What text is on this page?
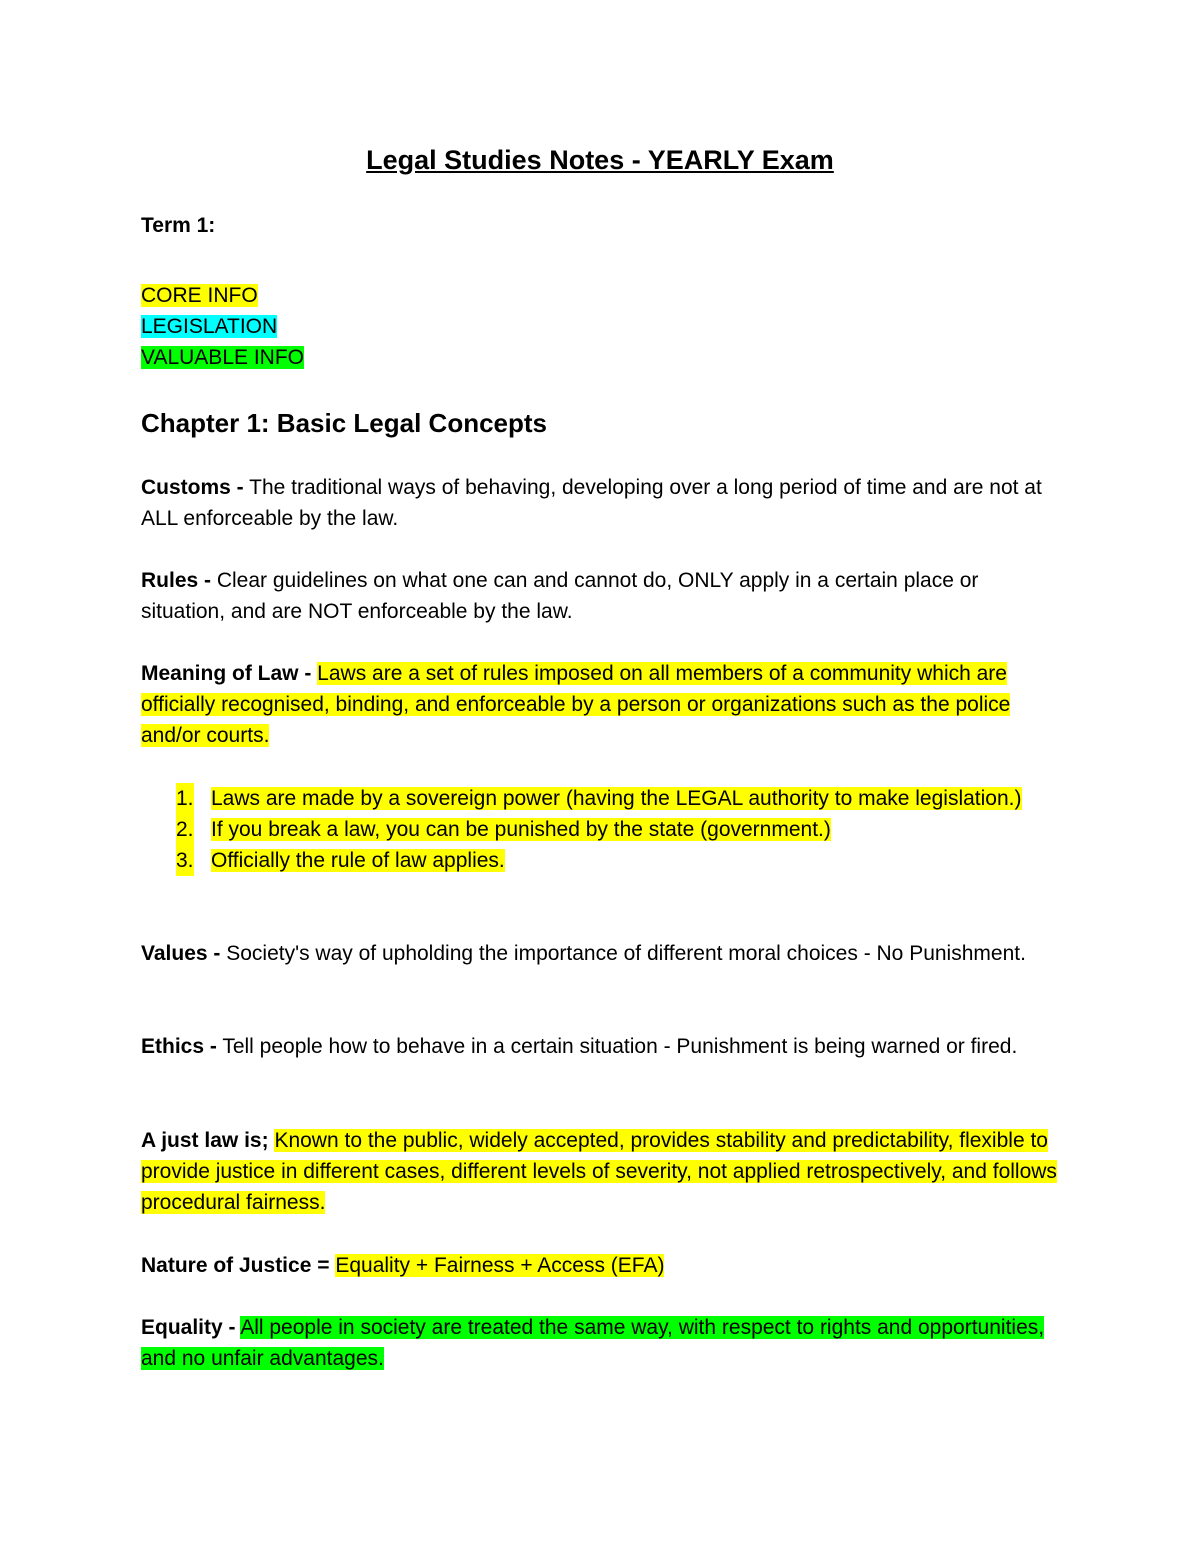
Legal Studies Notes - YEARLY Exam
Term 1:
CORE INFO
LEGISLATION
VALUABLE INFO
Chapter 1: Basic Legal Concepts
Customs - The traditional ways of behaving, developing over a long period of time and are not at ALL enforceable by the law.
Rules - Clear guidelines on what one can and cannot do, ONLY apply in a certain place or situation, and are NOT enforceable by the law.
Meaning of Law - Laws are a set of rules imposed on all members of a community which are officially recognised, binding, and enforceable by a person or organizations such as the police and/or courts.
1. Laws are made by a sovereign power (having the LEGAL authority to make legislation.)
2. If you break a law, you can be punished by the state (government.)
3. Officially the rule of law applies.
Values - Society's way of upholding the importance of different moral choices - No Punishment.
Ethics - Tell people how to behave in a certain situation - Punishment is being warned or fired.
A just law is; Known to the public, widely accepted, provides stability and predictability, flexible to provide justice in different cases, different levels of severity, not applied retrospectively, and follows procedural fairness.
Nature of Justice = Equality + Fairness + Access (EFA)
Equality - All people in society are treated the same way, with respect to rights and opportunities, and no unfair advantages.
